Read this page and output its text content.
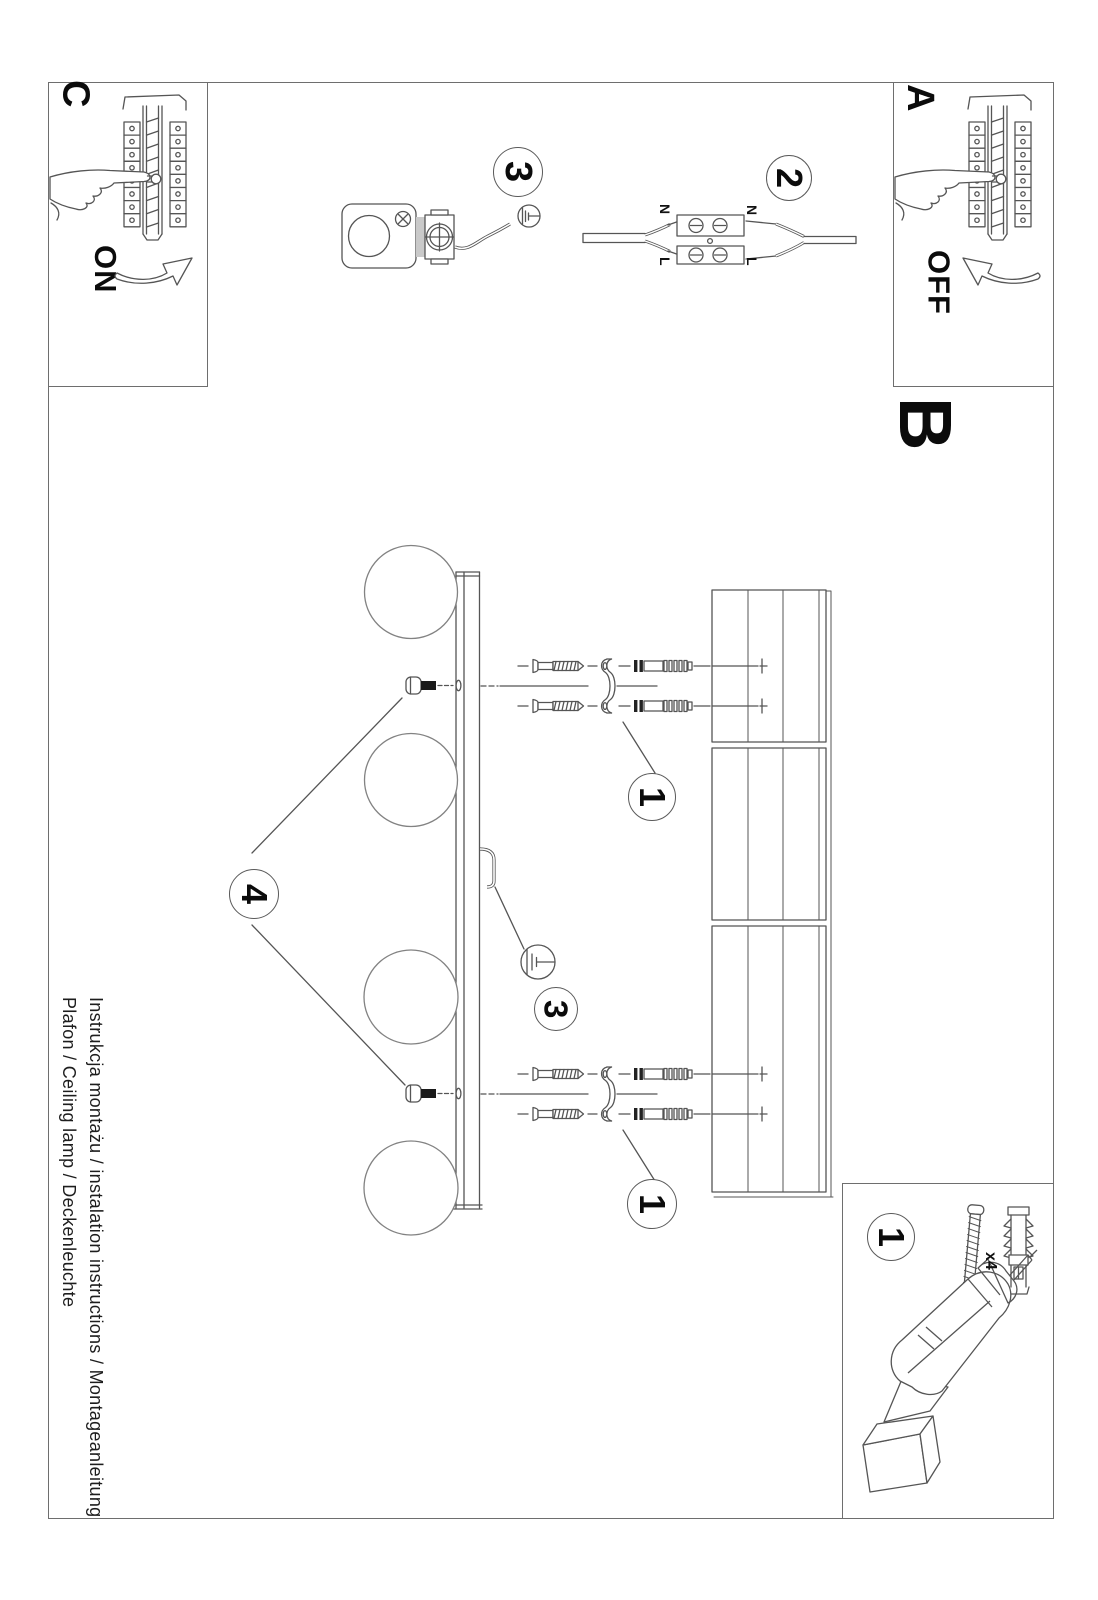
C	A
B
ON	OFF
N	N
L	L
3	2
1
3
1
4
1
x4
Instrukcja montażu / instalation instructions / Montageanleitung
Plafon / Ceiling lamp / Deckenleuchte
